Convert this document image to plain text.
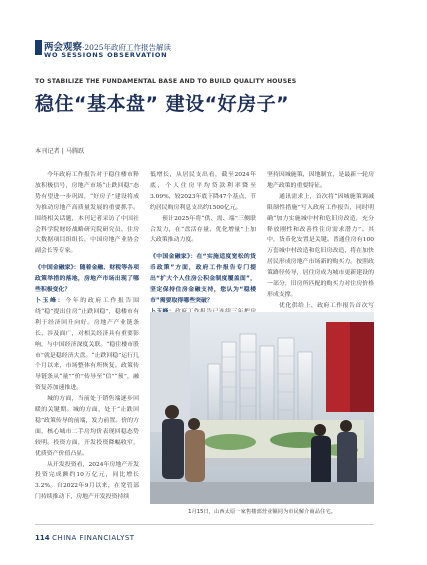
两会观察·2025年政府工作报告解读
WO SESSIONS OBSERVATION
TO STABILIZE THE FUNDAMENTAL BASE AND TO BUILD QUALITY HOUSES
稳住“基本盘” 建设“好房子”
本刊记者 | 马腾跃

今年政府工作报告对于稳住楼市释放积极信号，房地产市场“止跌回稳”态势有望进一步巩固，“好房子”建设将成为推动房地产高质量发展的重要抓手。围绕相关话题，本刊记者采访了中国社会科学院财经战略研究院研究员、住房大数据项目组组长，中国房地产业协会副会长等专家。

《中国金融家》：随着金融、财税等各项政策举措的落地，房地产市场出现了哪些积极变化？

卜玉峰：今年的政府工作报告围绕“稳”提出住房“止跌回稳”，稳楼市有利于经济回升向好。房地产产业链条长、涉及面广，对相关经济具有重要影响，与中国经济深度关联。“稳住楼市股市”就是稳经济大盘。“止跌回稳”运行几个月以来，市场整体有所恢复。政策传导链条从“量”“价”传导至“信”“预”，融资复苏加速推进。

城的方面，当前处于销售端逐步回暖的关键期。城的方面，处于“止跌回稳”政策传导的前端，发力前置。价的方面，核心城市二手房均价表现回稳态势较明。投资方面，开发投资降幅收窄，优质资产价值凸显。

从开发投资看，2024年房地产开发投资完成额约10万亿元，同比增长3.2%。自2022年9月以来，在宽管部门持续推动下，房地产开发投资持续

低增长，从居民支出看，截至2024年底，个人住房平均贷款利率降至3.09%，较2023年底下降47个基点，节约居民购房利息支出约1500亿元。

预计2025年将“供、需、端”三侧联合发力，在“盘活存量、优化增量”上加大政策推动力度。

《中国金融家》：在“实施适度宽松的货币政策”方面，政府工作报告专门提出“扩大个人住房公积金制度覆盖面”，坚定保持住房金融支持，您认为“稳楼市”需要取得哪些突破？

坚持因城施策，因地制宜，是最新一轮房地产政策的重要特征。

通讯需求上，首次将“因城施策调减限制性措施”写入政府工作报告，同时明确“加力实施城中村和危旧房改造，充分释放刚性和改善性住房需求潜力”。其中，货币化安置是关键。普通住房有100万套城中村改造和危旧房改造，将在加快居民形成房地产市场新的购买力。按照政策路径传导，居住房成为城市更新建设的一部分，旧房所匹配的购买力对住房价格形成支撑。

优化供给上，政府工作报告首次写

1月15日，山西太原一家售楼部营业额同为市民解介商品住宅。
114 CHINA FINANCIALYST
